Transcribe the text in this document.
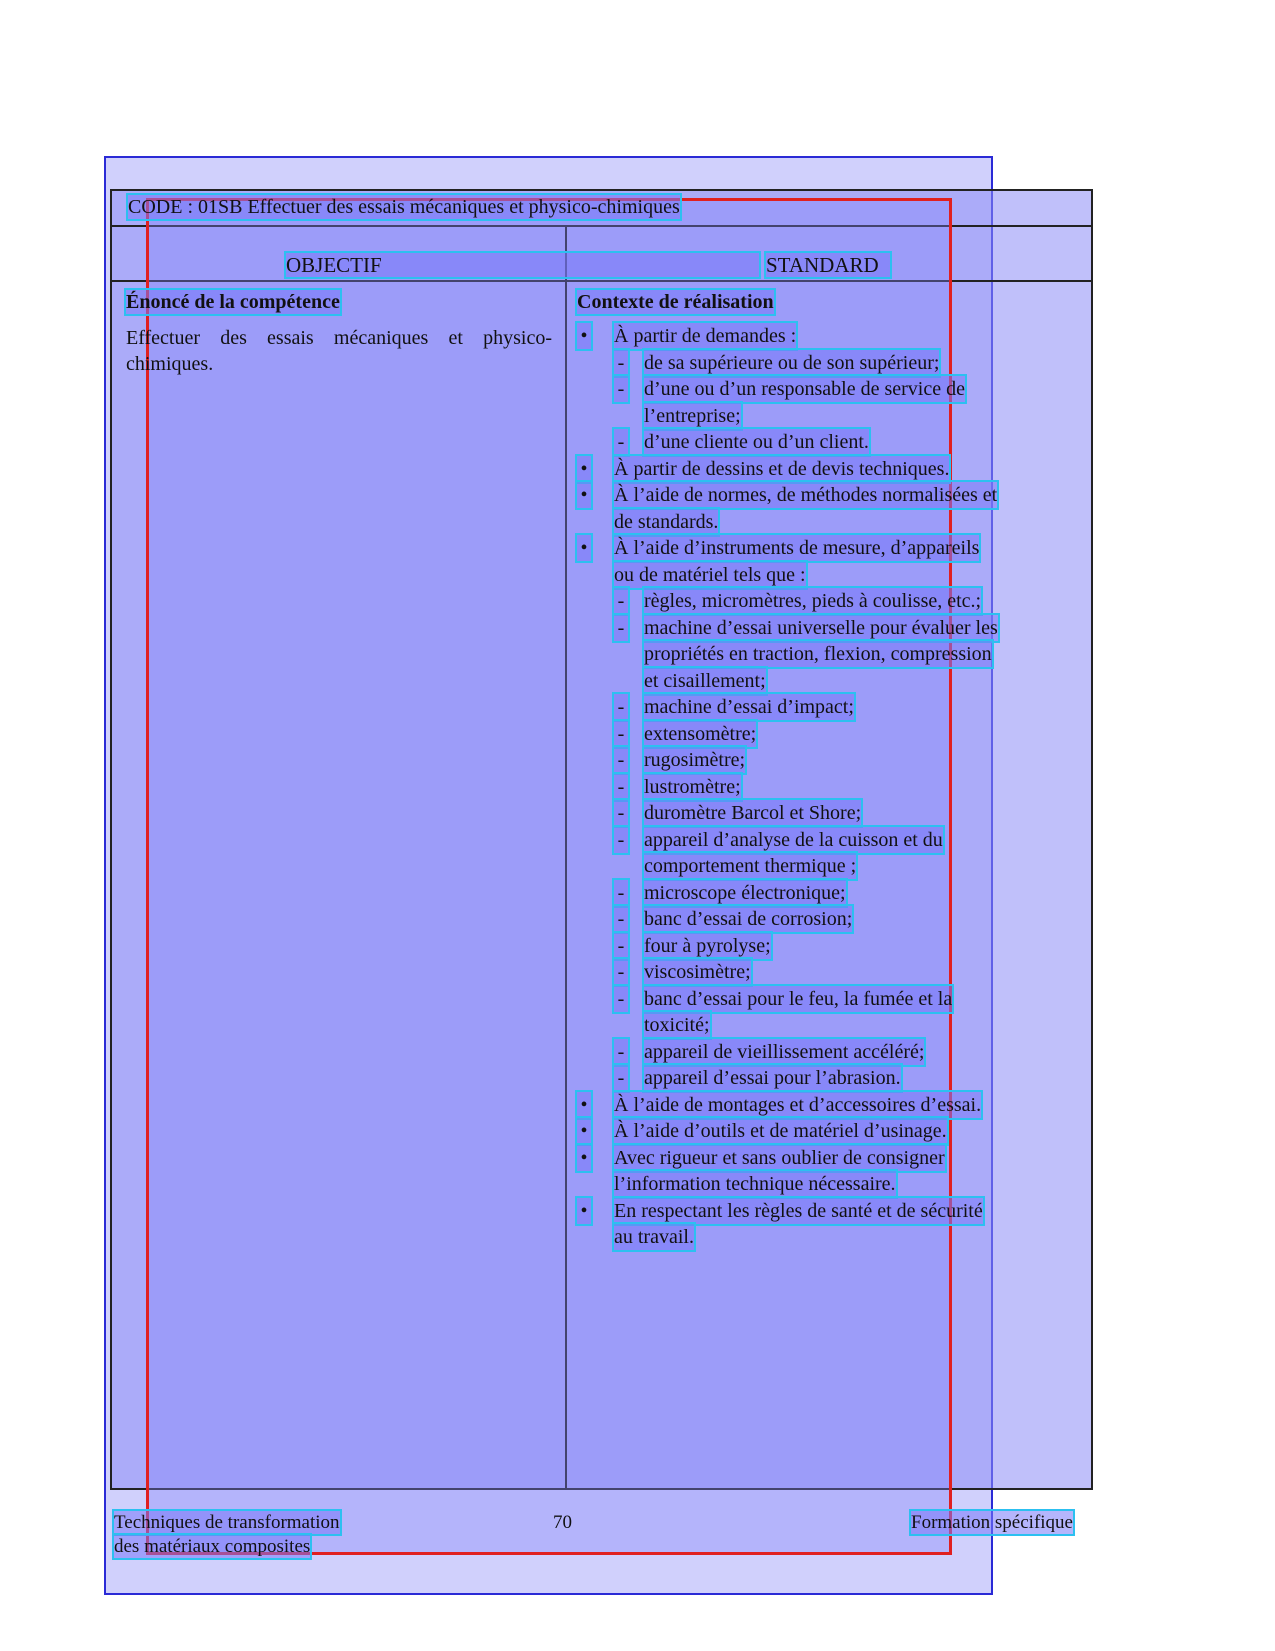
CODE : 01SB Effectuer des essais mécaniques et physico-chimiques
OBJECTIF	STANDARD
Énoncé de la compétence
Effectuer des essais mécaniques et physico-chimiques.
Contexte de réalisation
• À partir de demandes :
- de sa supérieure ou de son supérieur;
- d’une ou d’un responsable de service de
l’entreprise;
- d’une cliente ou d’un client.
• À partir de dessins et de devis techniques.
• À l’aide de normes, de méthodes normalisées et
de standards.
• À l’aide d’instruments de mesure, d’appareils
ou de matériel tels que :
- règles, micromètres, pieds à coulisse, etc.;
- machine d’essai universelle pour évaluer les
propriétés en traction, flexion, compression
et cisaillement;
- machine d’essai d’impact;
- extensomètre;
- rugosimètre;
- lustromètre;
- duromètre Barcol et Shore;
- appareil d’analyse de la cuisson et du
comportement thermique ;
- microscope électronique;
- banc d’essai de corrosion;
- four à pyrolyse;
- viscosimètre;
- banc d’essai pour le feu, la fumée et la
toxicité;
- appareil de vieillissement accéléré;
- appareil d’essai pour l’abrasion.
• À l’aide de montages et d’accessoires d’essai.
• À l’aide d’outils et de matériel d’usinage.
• Avec rigueur et sans oublier de consigner
l’information technique nécessaire.
• En respectant les règles de santé et de sécurité
au travail.
Techniques de transformation
des matériaux composites
70	Formation spécifique
